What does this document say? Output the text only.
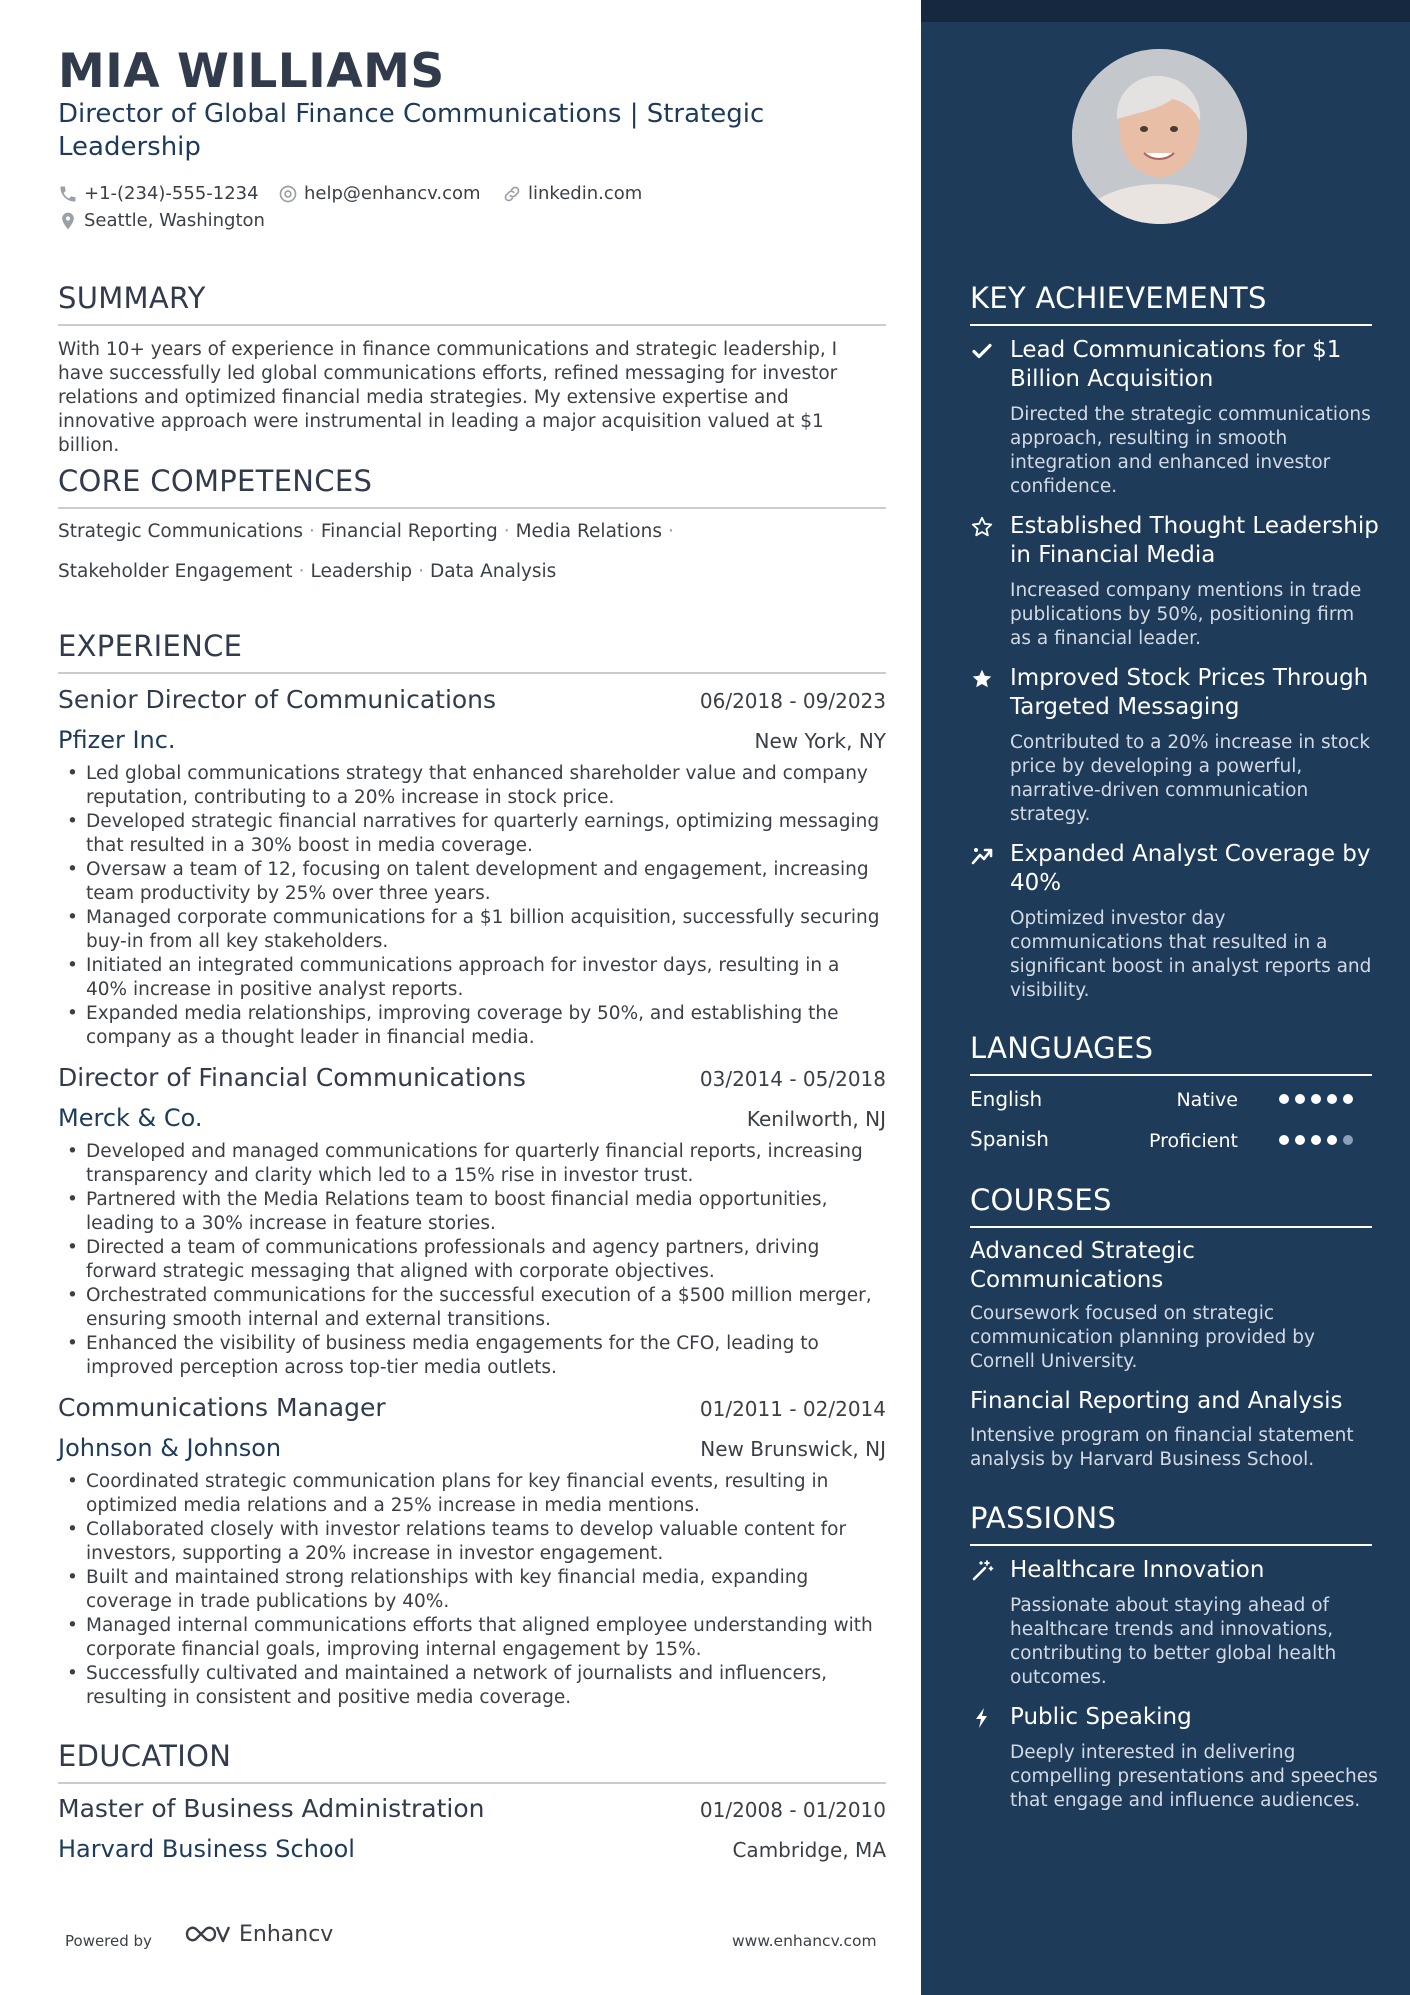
MIA WILLIAMS
Director of Global Finance Communications | Strategic Leadership
+1-(234)-555-1234	help@enhancv.com	linkedin.com
Seattle, Washington
SUMMARY
With 10+ years of experience in finance communications and strategic leadership, I have successfully led global communications efforts, refined messaging for investor relations and optimized financial media strategies. My extensive expertise and innovative approach were instrumental in leading a major acquisition valued at $1 billion.
CORE COMPETENCES
Strategic Communications · Financial Reporting · Media Relations ·
Stakeholder Engagement · Leadership · Data Analysis
EXPERIENCE
Senior Director of Communications	06/2018 - 09/2023
Pfizer Inc.	New York, NY
• Led global communications strategy that enhanced shareholder value and company reputation, contributing to a 20% increase in stock price.
• Developed strategic financial narratives for quarterly earnings, optimizing messaging that resulted in a 30% boost in media coverage.
• Oversaw a team of 12, focusing on talent development and engagement, increasing team productivity by 25% over three years.
• Managed corporate communications for a $1 billion acquisition, successfully securing buy-in from all key stakeholders.
• Initiated an integrated communications approach for investor days, resulting in a 40% increase in positive analyst reports.
• Expanded media relationships, improving coverage by 50%, and establishing the company as a thought leader in financial media.
Director of Financial Communications	03/2014 - 05/2018
Merck & Co.	Kenilworth, NJ
• Developed and managed communications for quarterly financial reports, increasing transparency and clarity which led to a 15% rise in investor trust.
• Partnered with the Media Relations team to boost financial media opportunities, leading to a 30% increase in feature stories.
• Directed a team of communications professionals and agency partners, driving forward strategic messaging that aligned with corporate objectives.
• Orchestrated communications for the successful execution of a $500 million merger, ensuring smooth internal and external transitions.
• Enhanced the visibility of business media engagements for the CFO, leading to improved perception across top-tier media outlets.
Communications Manager	01/2011 - 02/2014
Johnson & Johnson	New Brunswick, NJ
• Coordinated strategic communication plans for key financial events, resulting in optimized media relations and a 25% increase in media mentions.
• Collaborated closely with investor relations teams to develop valuable content for investors, supporting a 20% increase in investor engagement.
• Built and maintained strong relationships with key financial media, expanding coverage in trade publications by 40%.
• Managed internal communications efforts that aligned employee understanding with corporate financial goals, improving internal engagement by 15%.
• Successfully cultivated and maintained a network of journalists and influencers, resulting in consistent and positive media coverage.
EDUCATION
Master of Business Administration	01/2008 - 01/2010
Harvard Business School	Cambridge, MA
Powered by	Enhancv	www.enhancv.com
KEY ACHIEVEMENTS
Lead Communications for $1 Billion Acquisition
Directed the strategic communications approach, resulting in smooth integration and enhanced investor confidence.
Established Thought Leadership in Financial Media
Increased company mentions in trade publications by 50%, positioning firm as a financial leader.
Improved Stock Prices Through Targeted Messaging
Contributed to a 20% increase in stock price by developing a powerful, narrative-driven communication strategy.
Expanded Analyst Coverage by 40%
Optimized investor day communications that resulted in a significant boost in analyst reports and visibility.
LANGUAGES
English	Native
Spanish	Proficient
COURSES
Advanced Strategic Communications
Coursework focused on strategic communication planning provided by Cornell University.
Financial Reporting and Analysis
Intensive program on financial statement analysis by Harvard Business School.
PASSIONS
Healthcare Innovation
Passionate about staying ahead of healthcare trends and innovations, contributing to better global health outcomes.
Public Speaking
Deeply interested in delivering compelling presentations and speeches that engage and influence audiences.
